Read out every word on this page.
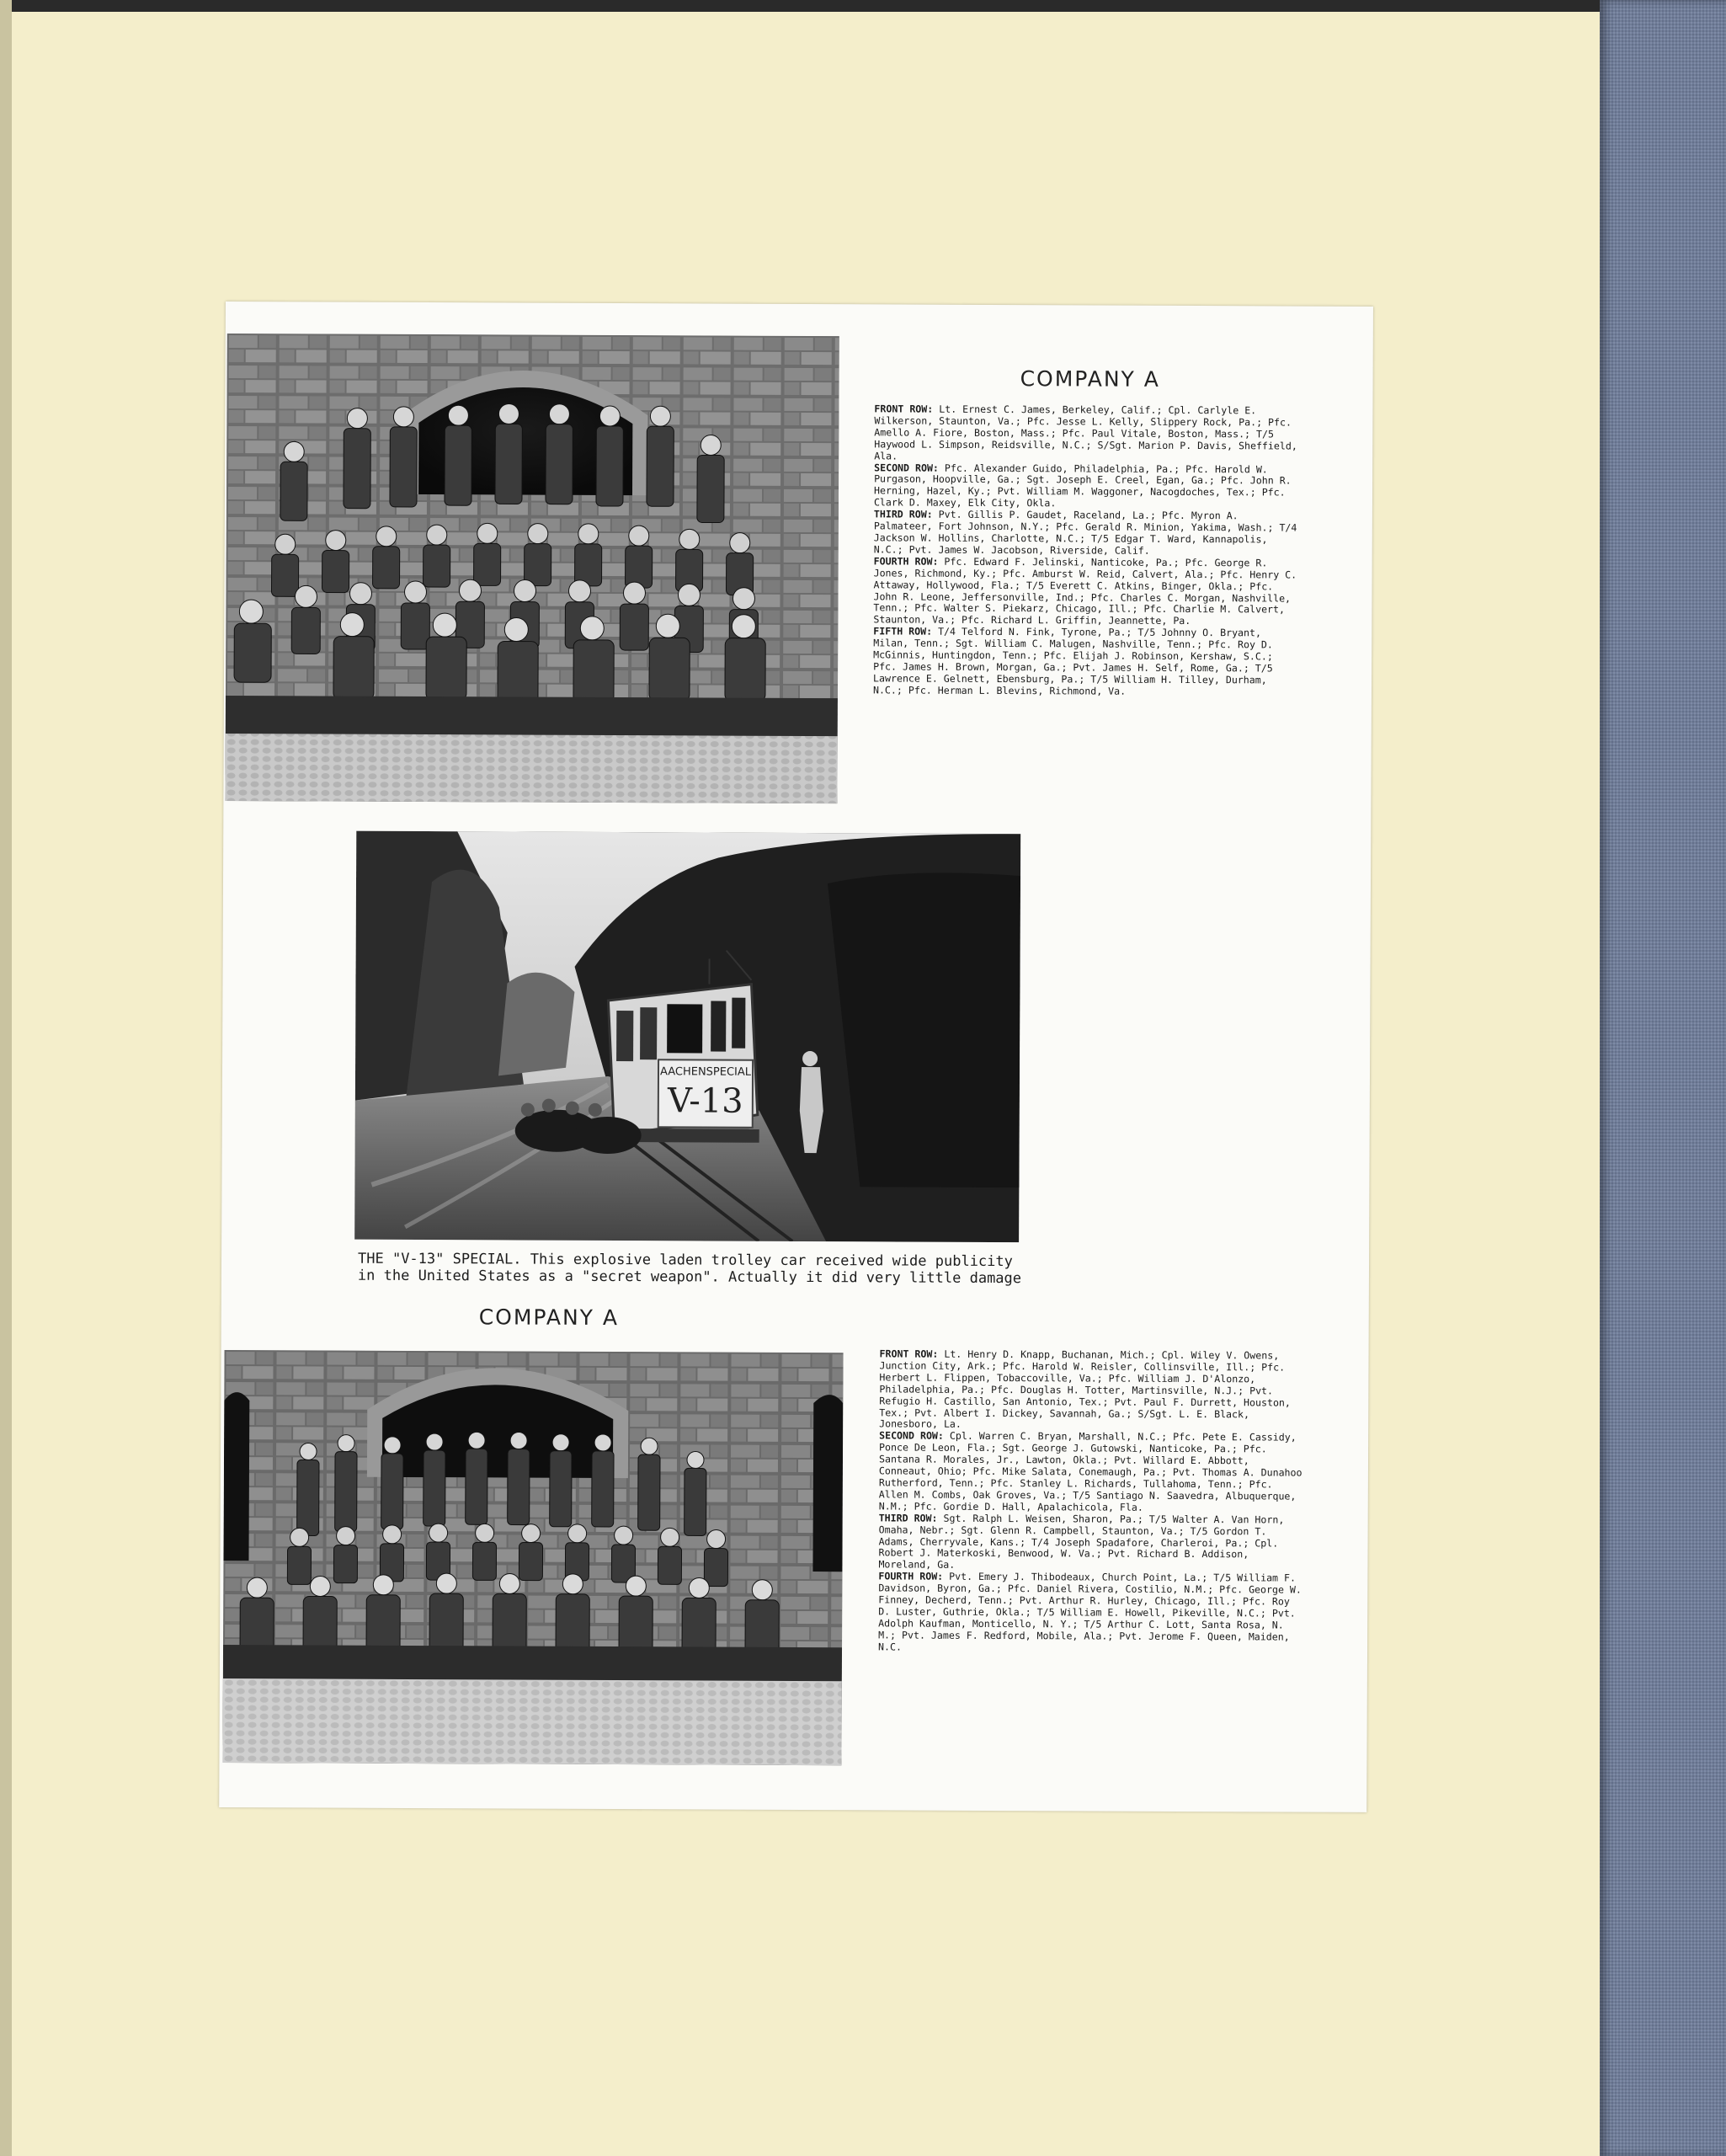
COMPANY A

FRONT ROW: Lt. Ernest C. James, Berkeley, Calif.; Cpl. Carlyle E. Wilkerson, Staunton, Va.; Pfc. Jesse L. Kelly, Slippery Rock, Pa.; Pfc. Amello A. Fiore, Boston, Mass.; Pfc. Paul Vitale, Boston, Mass.; T/5 Haywood L. Simpson, Reidsville, N.C.; S/Sgt. Marion P. Davis, Sheffield, Ala.

SECOND ROW: Pfc. Alexander Guido, Philadelphia, Pa.; Pfc. Harold W. Purgason, Hoopville, Ga.; Sgt. Joseph E. Creel, Egan, Ga.; Pfc. John R. Herning, Hazel, Ky.; Pvt. William M. Waggoner, Nacogdoches, Tex.; Pfc. Clark D. Maxey, Elk City, Okla.

THIRD ROW: Pvt. Gillis P. Gaudet, Raceland, La.; Pfc. Myron A. Palmateer, Fort Johnson, N.Y.; Pfc. Gerald R. Minion, Yakima, Wash.; T/4 Jackson W. Hollins, Charlotte, N.C.; T/5 Edgar T. Ward, Kannapolis, N.C.; Pvt. James W. Jacobson, Riverside, Calif.

FOURTH ROW: Pfc. Edward F. Jelinski, Nanticoke, Pa.; Pfc. George R. Jones, Richmond, Ky.; Pfc. Amburst W. Reid, Calvert, Ala.; Pfc. Henry C. Attaway, Hollywood, Fla.; T/5 Everett C. Atkins, Binger, Okla.; Pfc. John R. Leone, Jeffersonville, Ind.; Pfc. Charles C. Morgan, Nashville, Tenn.; Pfc. Walter S. Piekarz, Chicago, Ill.; Pfc. Charlie M. Calvert, Staunton, Va.; Pfc. Richard L. Griffin, Jeannette, Pa.

FIFTH ROW: T/4 Telford N. Fink, Tyrone, Pa.; T/5 Johnny O. Bryant, Milan, Tenn.; Sgt. William C. Malugen, Nashville, Tenn.; Pfc. Roy D. McGinnis, Huntingdon, Tenn.; Pfc. Elijah J. Robinson, Kershaw, S.C.; Pfc. James H. Brown, Morgan, Ga.; Pvt. James H. Self, Rome, Ga.; T/5 Lawrence E. Gelnett, Ebensburg, Pa.; T/5 William H. Tilley, Durham, N.C.; Pfc. Herman L. Blevins, Richmond, Va.

AACHENSPECIAL
V-13

THE "V-13" SPECIAL. This explosive laden trolley car received wide publicity

in the United States as a "secret weapon". Actually it did very little damage

COMPANY A

FRONT ROW: Lt. Henry D. Knapp, Buchanan, Mich.; Cpl. Wiley V. Owens, Junction City, Ark.; Pfc. Harold W. Reisler, Collinsville, Ill.; Pfc. Herbert L. Flippen, Tobaccoville, Va.; Pfc. William J. D'Alonzo, Philadelphia, Pa.; Pfc. Douglas H. Totter, Martinsville, N.J.; Pvt. Refugio H. Castillo, San Antonio, Tex.; Pvt. Paul F. Durrett, Houston, Tex.; Pvt. Albert I. Dickey, Savannah, Ga.; S/Sgt. L. E. Black, Jonesboro, La.

SECOND ROW: Cpl. Warren C. Bryan, Marshall, N.C.; Pfc. Pete E. Cassidy, Ponce De Leon, Fla.; Sgt. George J. Gutowski, Nanticoke, Pa.; Pfc. Santana R. Morales, Jr., Lawton, Okla.; Pvt. Willard E. Abbott, Conneaut, Ohio; Pfc. Mike Salata, Conemaugh, Pa.; Pvt. Thomas A. Dunahoo Rutherford, Tenn.; Pfc. Stanley L. Richards, Tullahoma, Tenn.; Pfc. Allen M. Combs, Oak Groves, Va.; T/5 Santiago N. Saavedra, Albuquerque, N.M.; Pfc. Gordie D. Hall, Apalachicola, Fla.

THIRD ROW: Sgt. Ralph L. Weisen, Sharon, Pa.; T/5 Walter A. Van Horn, Omaha, Nebr.; Sgt. Glenn R. Campbell, Staunton, Va.; T/5 Gordon T. Adams, Cherryvale, Kans.; T/4 Joseph Spadafore, Charleroi, Pa.; Cpl. Robert J. Materkoski, Benwood, W. Va.; Pvt. Richard B. Addison, Moreland, Ga.

FOURTH ROW: Pvt. Emery J. Thibodeaux, Church Point, La.; T/5 William F. Davidson, Byron, Ga.; Pfc. Daniel Rivera, Costilio, N.M.; Pfc. George W. Finney, Decherd, Tenn.; Pvt. Arthur R. Hurley, Chicago, Ill.; Pfc. Roy D. Luster, Guthrie, Okla.; T/5 William E. Howell, Pikeville, N.C.; Pvt. Adolph Kaufman, Monticello, N. Y.; T/5 Arthur C. Lott, Santa Rosa, N. M.; Pvt. James F. Redford, Mobile, Ala.; Pvt. Jerome F. Queen, Maiden, N.C.
